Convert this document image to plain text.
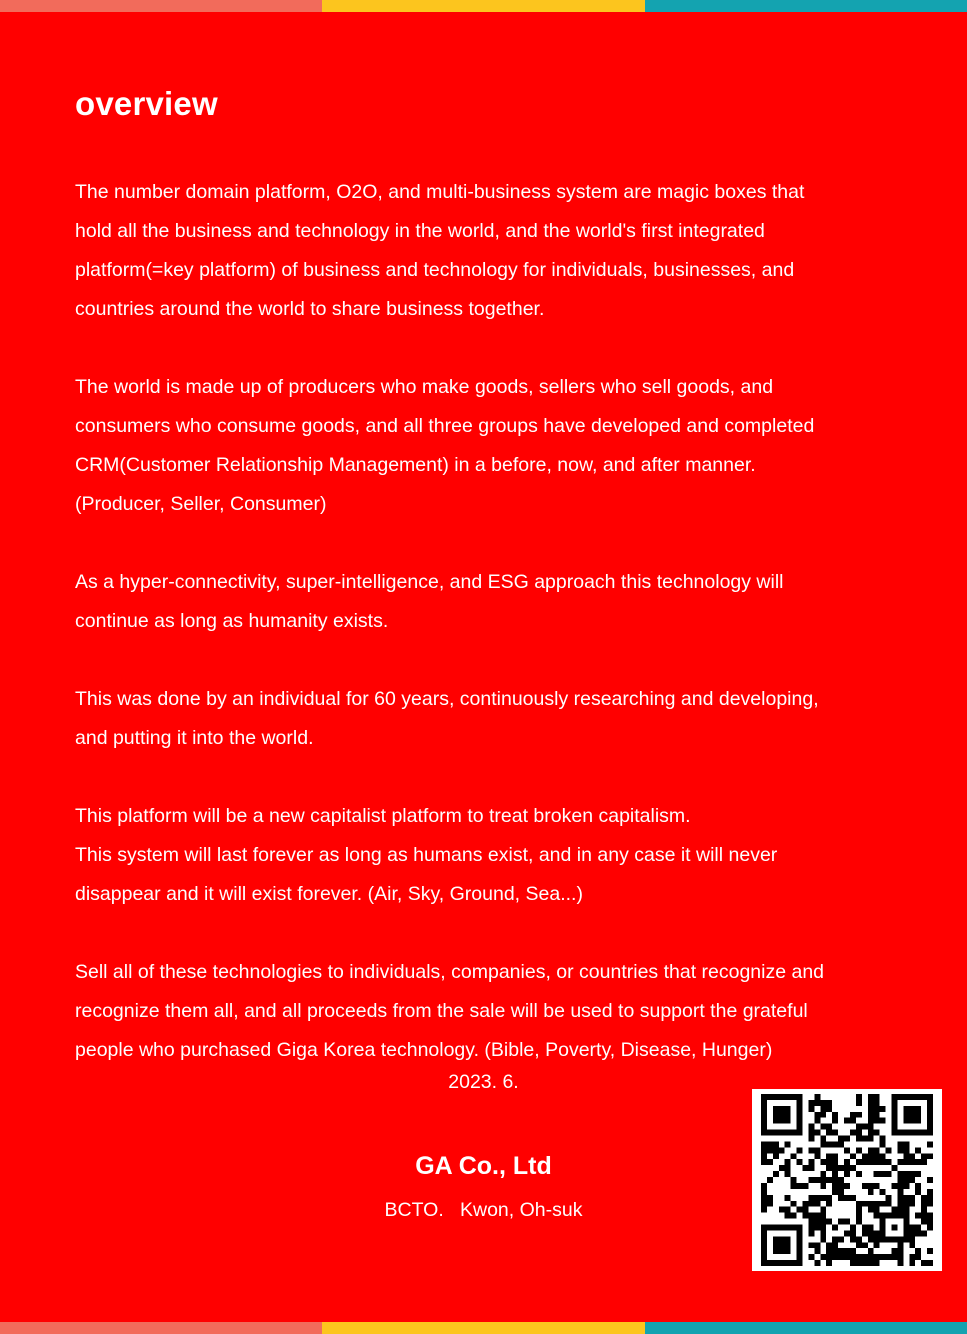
overview

The number domain platform, O2O, and multi-business system are magic boxes that
hold all the business and technology in the world, and the world's first integrated
platform(=key platform) of business and technology for individuals, businesses, and
countries around the world to share business together.

The world is made up of producers who make goods, sellers who sell goods, and
consumers who consume goods, and all three groups have developed and completed
CRM(Customer Relationship Management) in a before, now, and after manner.
(Producer, Seller, Consumer)

As a hyper-connectivity, super-intelligence, and ESG approach this technology will
continue as long as humanity exists.

This was done by an individual for 60 years, continuously researching and developing,
and putting it into the world.

This platform will be a new capitalist platform to treat broken capitalism.
This system will last forever as long as humans exist, and in any case it will never
disappear and it will exist forever. (Air, Sky, Ground, Sea...)

Sell all of these technologies to individuals, companies, or countries that recognize and
recognize them all, and all proceeds from the sale will be used to support the grateful
people who purchased Giga Korea technology. (Bible, Poverty, Disease, Hunger)

2023. 6.
GA Co., Ltd
BCTO.   Kwon, Oh-suk
